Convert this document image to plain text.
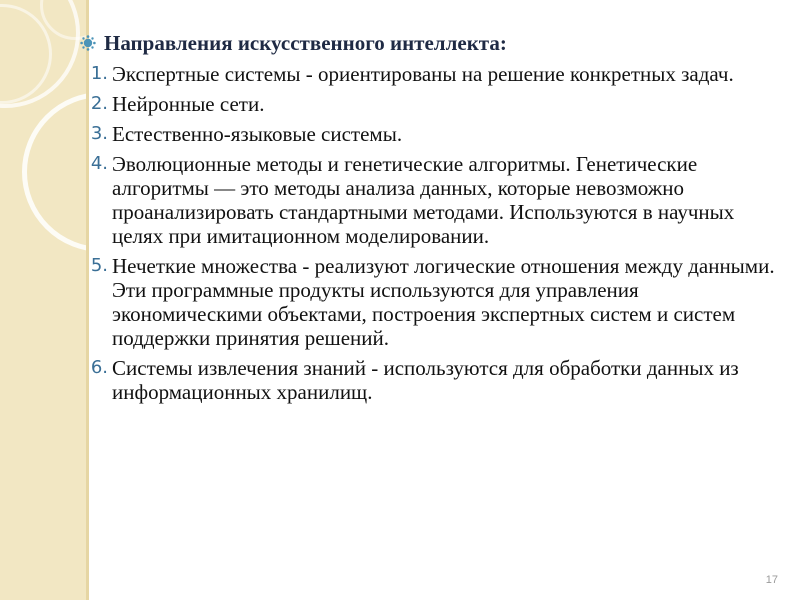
Направления искусственного интеллекта:
1. Экспертные системы - ориентированы на решение конкретных задач.
2. Нейронные сети.
3. Естественно-языковые системы.
4. Эволюционные методы и генетические алгоритмы. Генетические алгоритмы — это методы анализа данных, которые невозможно проанализировать стандартными методами. Используются в научных целях при имитационном моделировании.
5. Нечеткие множества - реализуют логические отношения между данными. Эти программные продукты используются для управления экономическими объектами, построения экспертных систем и систем поддержки принятия решений.
6. Системы извлечения знаний - используются для обработки данных из информационных хранилищ.
17
